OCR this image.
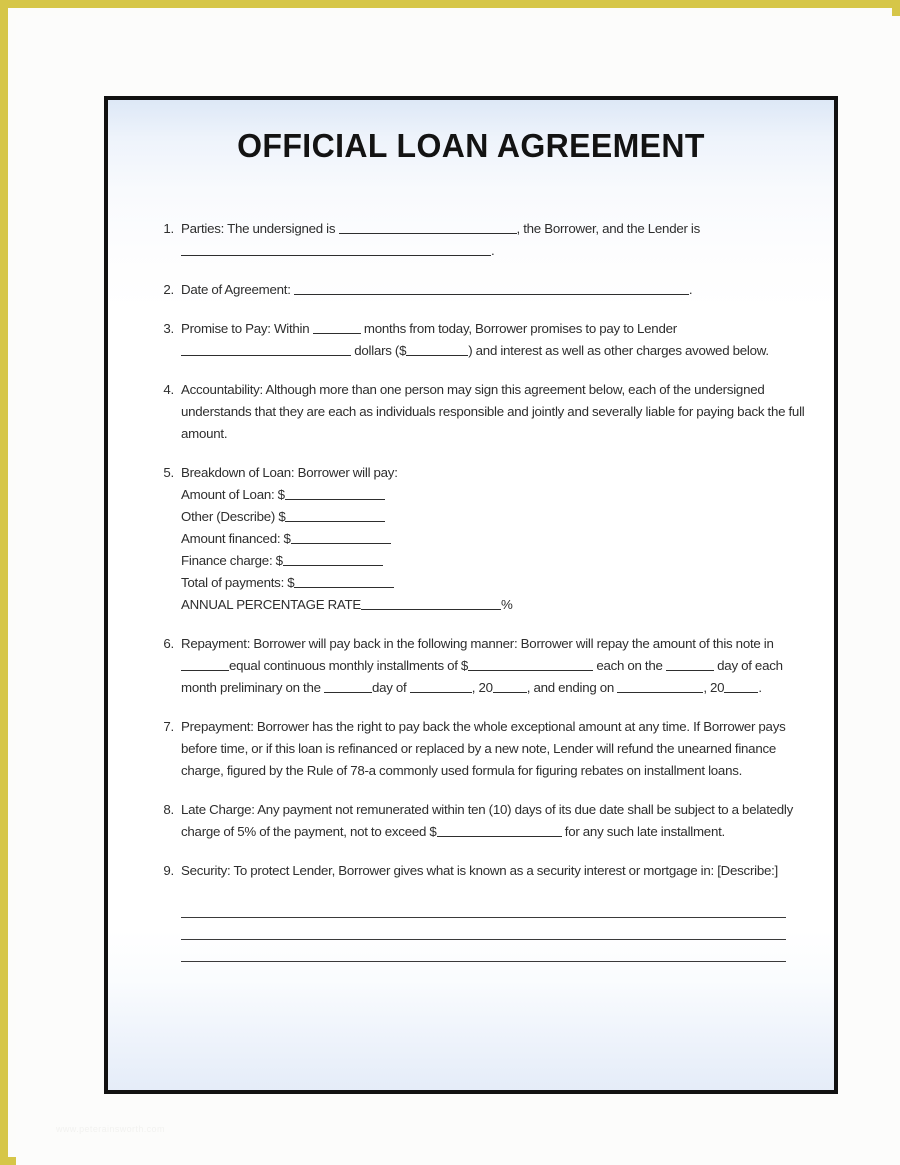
OFFICIAL LOAN AGREEMENT
1. Parties: The undersigned is	, the Borrower, and the Lender is .
2. Date of Agreement:	.
3. Promise to Pay: Within	months from today, Borrower promises to pay to Lender dollars ($	) and interest as well as other charges avowed below.
4. Accountability: Although more than one person may sign this agreement below, each of the undersigned understands that they are each as individuals responsible and jointly and severally liable for paying back the full amount.
5. Breakdown of Loan: Borrower will pay:
Amount of Loan: $
Other (Describe) $
Amount financed: $
Finance charge: $
Total of payments: $
ANNUAL PERCENTAGE RATE	%
6. Repayment: Borrower will pay back in the following manner: Borrower will repay the amount of this note in equal continuous monthly installments of $	each on the	day of each month preliminary on the	day of	, 20	, and ending on	, 20	.
7. Prepayment: Borrower has the right to pay back the whole exceptional amount at any time. If Borrower pays before time, or if this loan is refinanced or replaced by a new note, Lender will refund the unearned finance charge, figured by the Rule of 78-a commonly used formula for figuring rebates on installment loans.
8. Late Charge: Any payment not remunerated within ten (10) days of its due date shall be subject to a belatedly charge of 5% of the payment, not to exceed $	for any such late installment.
9. Security: To protect Lender, Borrower gives what is known as a security interest or mortgage in: [Describe:]
www.peterainsworth.com
